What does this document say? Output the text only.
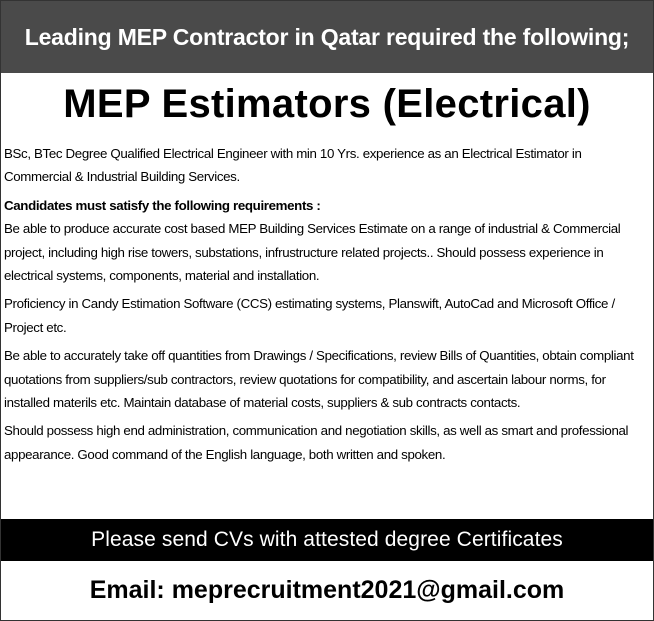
Leading MEP Contractor in Qatar required the following;
MEP Estimators (Electrical)

BSc, BTec Degree Qualified Electrical Engineer with min 10 Yrs. experience as an Electrical Estimator in Commercial & Industrial Building Services.

Candidates must satisfy the following requirements :

Be able to produce accurate cost based MEP Building Services Estimate on a range of industrial & Commercial project, including high rise towers, substations, infrustructure related projects.. Should possess experience in electrical systems, components, material and installation.

Proficiency in Candy Estimation Software (CCS) estimating systems, Planswift, AutoCad and Microsoft Office / Project etc.

Be able to accurately take off quantities from Drawings / Specifications, review Bills of Quantities, obtain compliant quotations from suppliers/sub contractors, review quotations for compatibility, and ascertain labour norms, for installed materils etc. Maintain database of material costs, suppliers & sub contracts contacts.

Should possess high end administration, communication and negotiation skills, as well as smart and professional appearance. Good command of the English language, both written and spoken.

Please send CVs with attested degree Certificates
Email: meprecruitment2021@gmail.com
